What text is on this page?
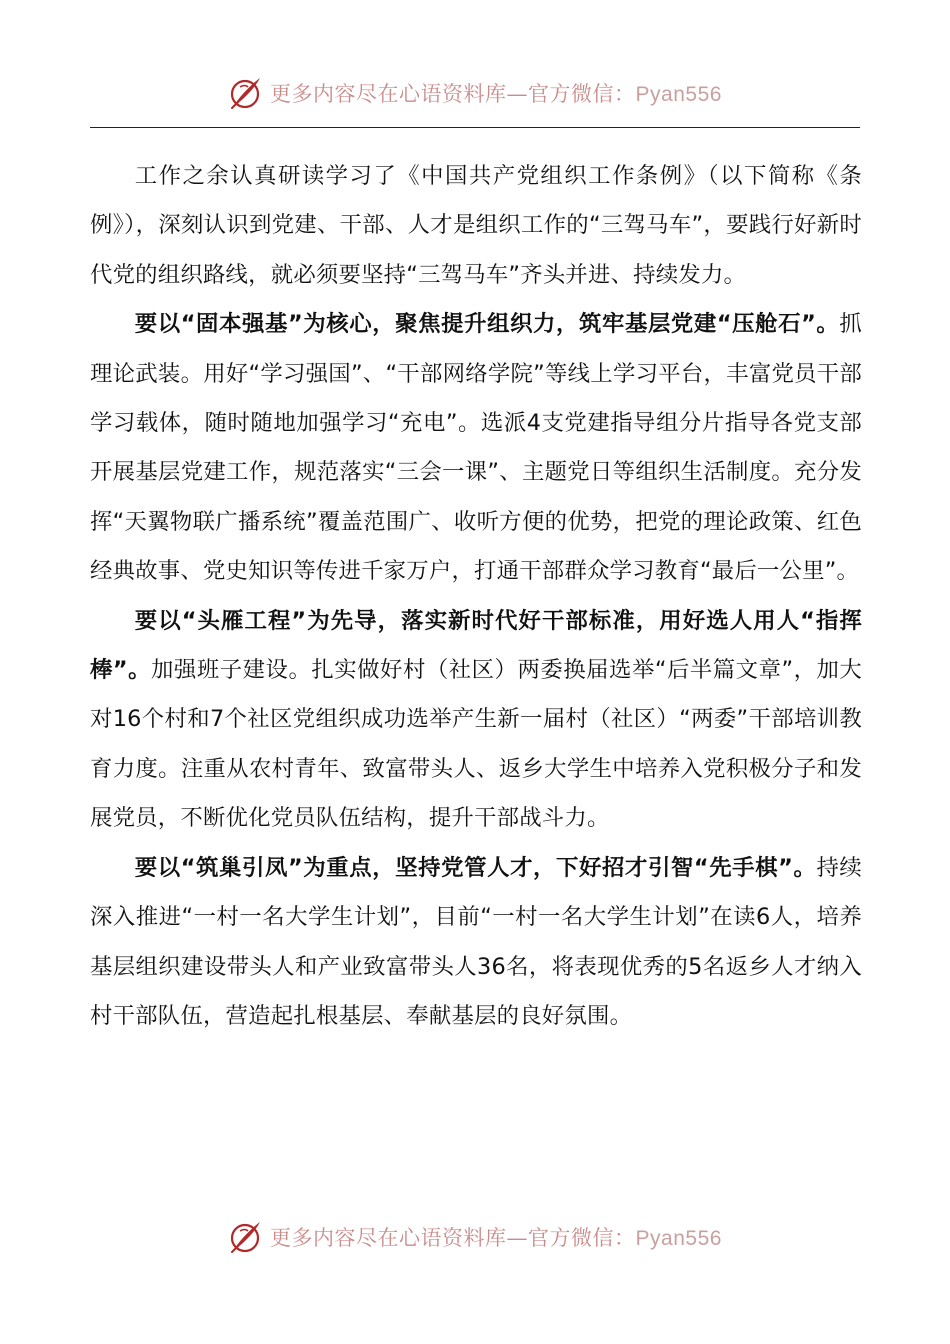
更多内容尽在心语资料库—官方微信：Pyan556

工作之余认真研读学习了《中国共产党组织工作条例》（以下简称《条例》），深刻认识到党建、干部、人才是组织工作的“三驾马车”，要践行好新时代党的组织路线，就必须要坚持“三驾马车”齐头并进、持续发力。

要以“固本强基”为核心，聚焦提升组织力，筑牢基层党建“压舱石”。抓理论武装。用好“学习强国”、“干部网络学院”等线上学习平台，丰富党员干部学习载体，随时随地加强学习“充电”。选派4支党建指导组分片指导各党支部开展基层党建工作，规范落实“三会一课”、主题党日等组织生活制度。充分发挥“天翼物联广播系统”覆盖范围广、收听方便的优势，把党的理论政策、红色经典故事、党史知识等传进千家万户，打通干部群众学习教育“最后一公里”。

要以“头雁工程”为先导，落实新时代好干部标准，用好选人用人“指挥棒”。加强班子建设。扎实做好村（社区）两委换届选举“后半篇文章”，加大对16个村和7个社区党组织成功选举产生新一届村（社区）“两委”干部培训教育力度。注重从农村青年、致富带头人、返乡大学生中培养入党积极分子和发展党员，不断优化党员队伍结构，提升干部战斗力。

要以“筑巢引凤”为重点，坚持党管人才，下好招才引智“先手棋”。持续深入推进“一村一名大学生计划”，目前“一村一名大学生计划”在读6人，培养基层组织建设带头人和产业致富带头人36名，将表现优秀的5名返乡人才纳入村干部队伍，营造起扎根基层、奉献基层的良好氛围。

更多内容尽在心语资料库—官方微信：Pyan556
